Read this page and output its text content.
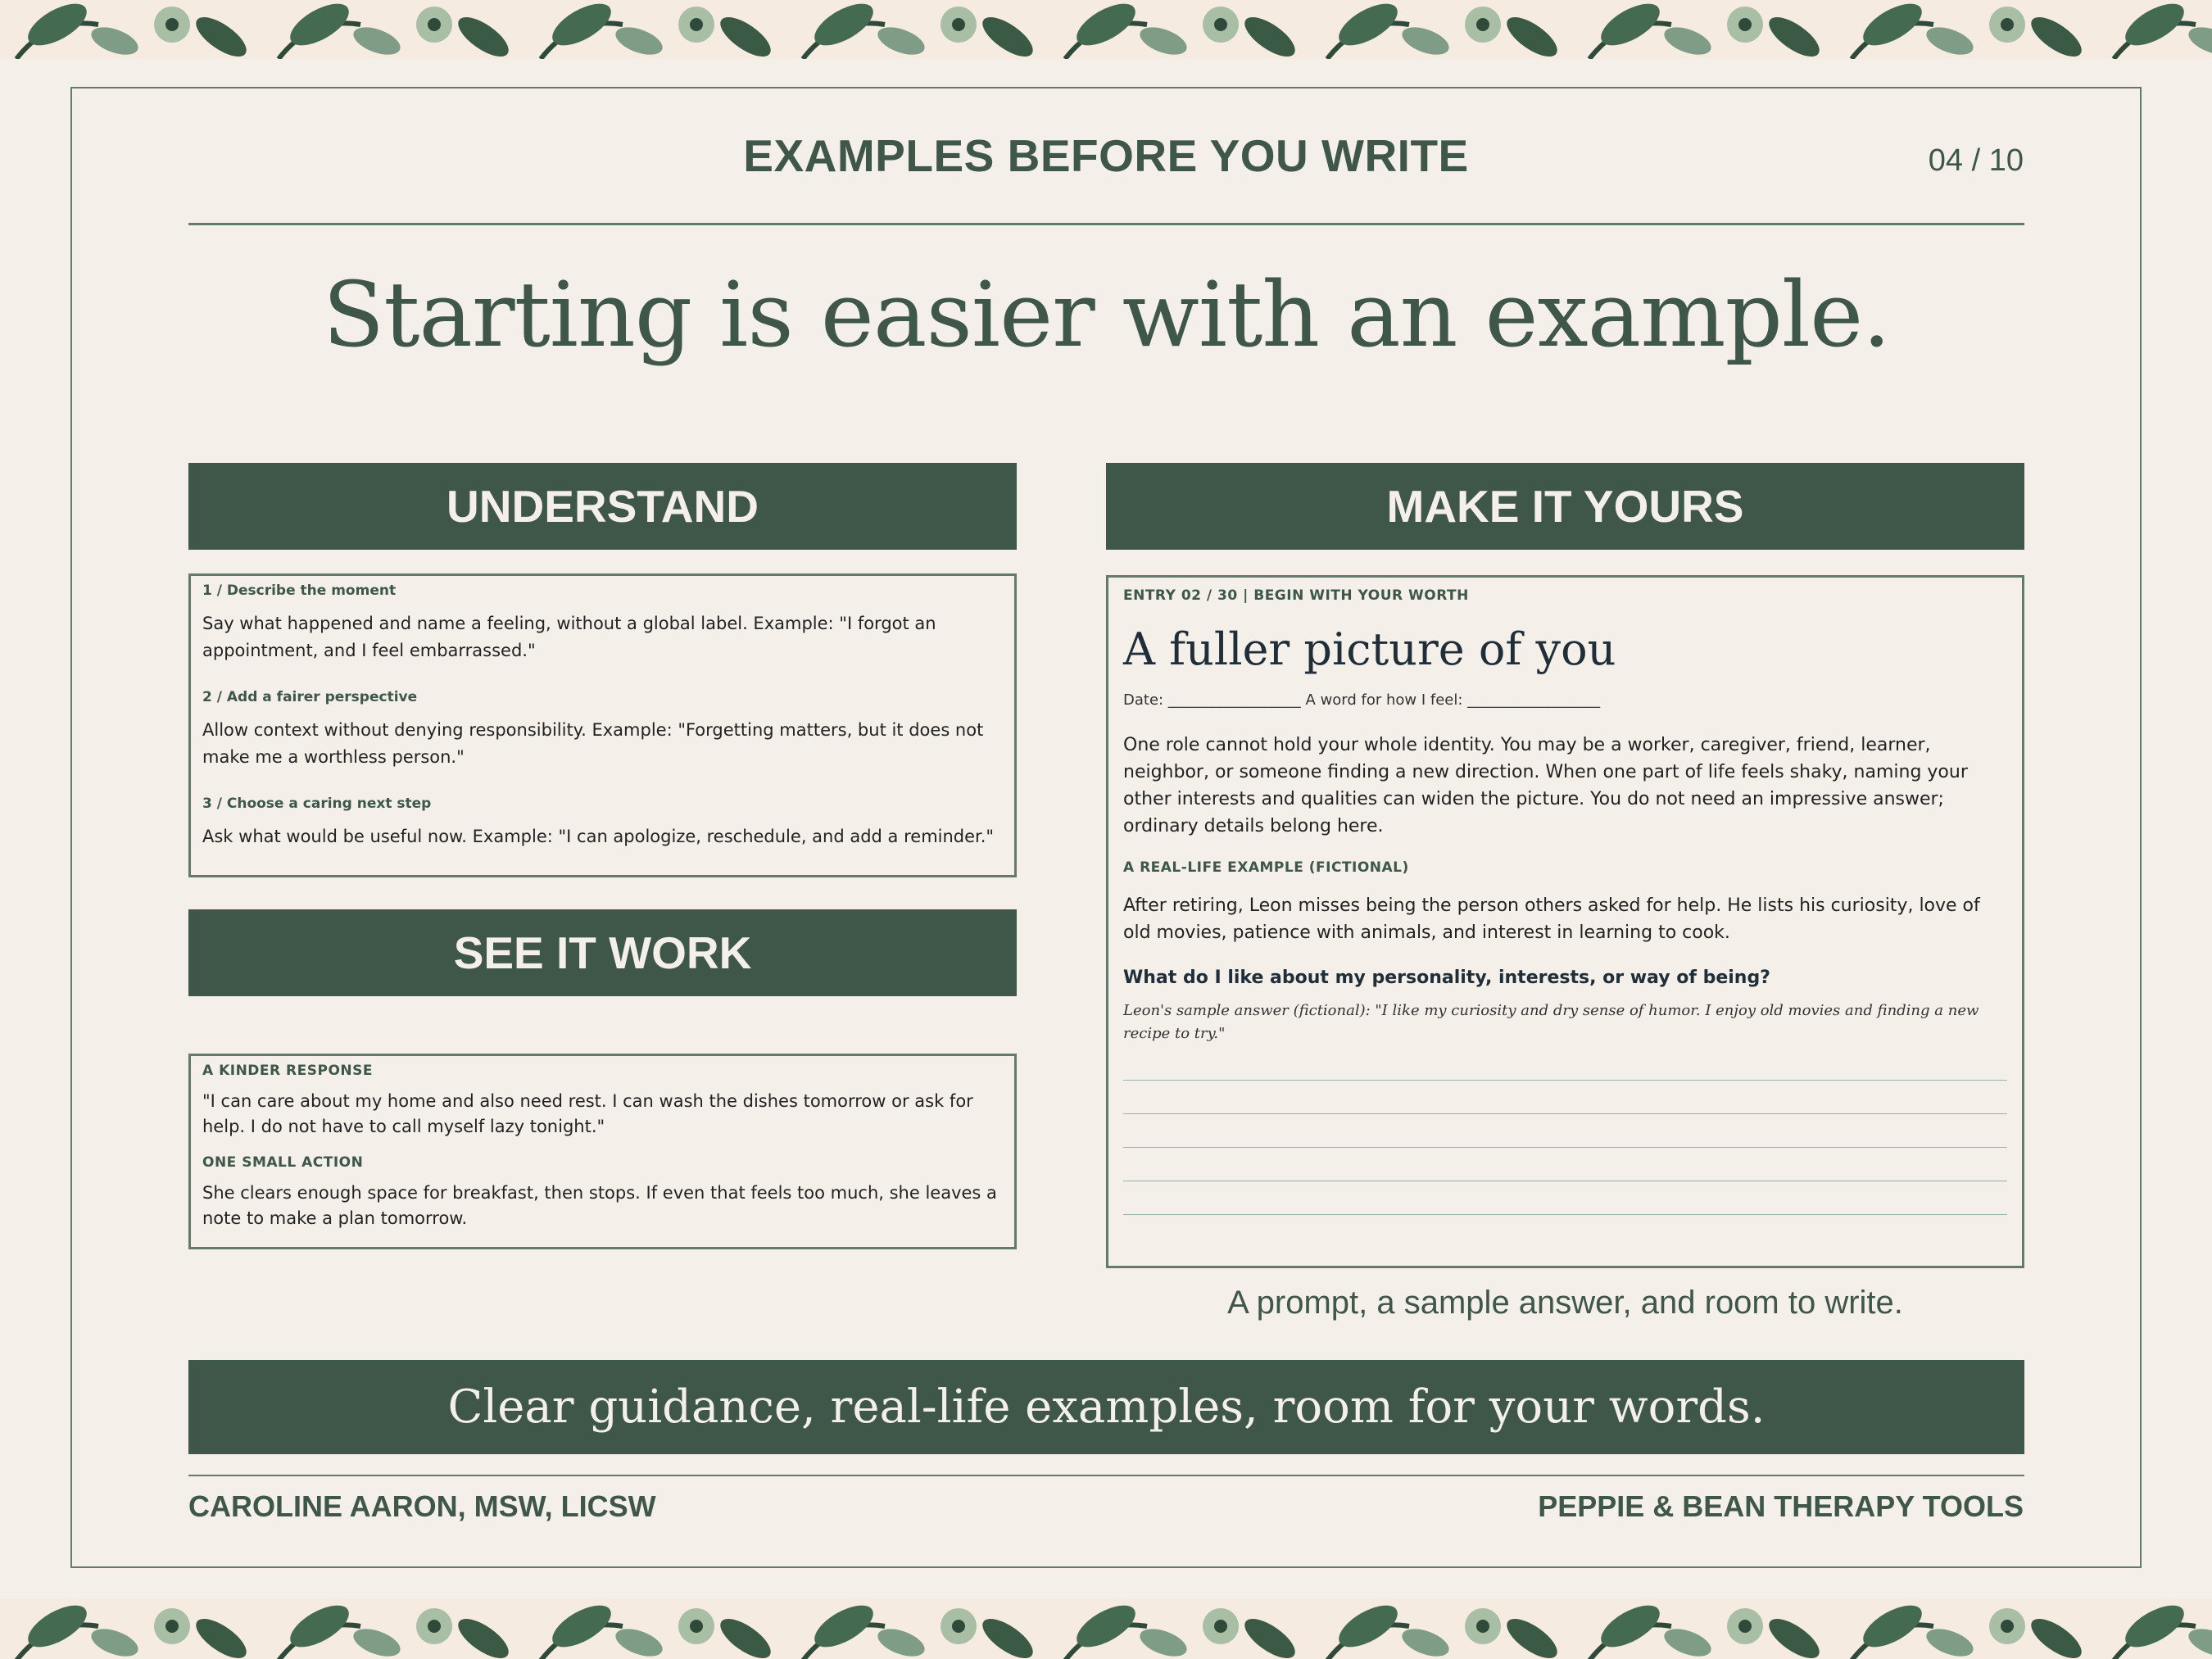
EXAMPLES BEFORE YOU WRITE	04 / 10
Starting is easier with an example.
UNDERSTAND

1 / Describe the moment

Say what happened and name a feeling, without a global label. Example: "I forgot an appointment, and I feel embarrassed."

2 / Add a fairer perspective

Allow context without denying responsibility. Example: "Forgetting matters, but it does not make me a worthless person."

3 / Choose a caring next step

Ask what would be useful now. Example: "I can apologize, reschedule, and add a reminder."

SEE IT WORK

A KINDER RESPONSE

"I can care about my home and also need rest. I can wash the dishes tomorrow or ask for help. I do not have to call myself lazy tonight."

ONE SMALL ACTION

She clears enough space for breakfast, then stops. If even that feels too much, she leaves a note to make a plan tomorrow.

MAKE IT YOURS

ENTRY 02 / 30 | BEGIN WITH YOUR WORTH

A fuller picture of you

Date: __________________ A word for how I feel: __________________

One role cannot hold your whole identity. You may be a worker, caregiver, friend, learner, neighbor, or someone finding a new direction. When one part of life feels shaky, naming your other interests and qualities can widen the picture. You do not need an impressive answer; ordinary details belong here.

A REAL-LIFE EXAMPLE (FICTIONAL)

After retiring, Leon misses being the person others asked for help. He lists his curiosity, love of old movies, patience with animals, and interest in learning to cook.

What do I like about my personality, interests, or way of being?

Leon's sample answer (fictional): "I like my curiosity and dry sense of humor. I enjoy old movies and finding a new recipe to try."

A prompt, a sample answer, and room to write.
Clear guidance, real-life examples, room for your words.
CAROLINE AARON, MSW, LICSW	PEPPIE & BEAN THERAPY TOOLS
